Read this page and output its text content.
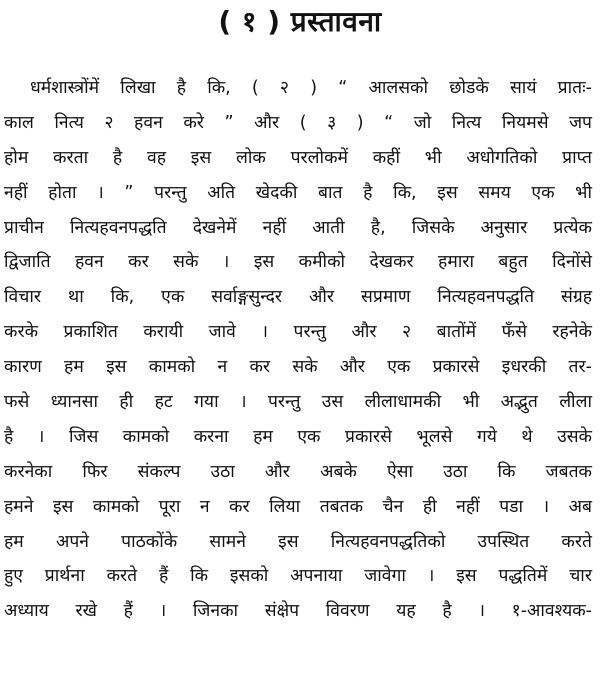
( १ ) प्रस्तावना
धर्मशास्त्रोंमें लिखा है कि, ( २ ) “ आलसको छोडके सायं प्रातः-
काल नित्य २ हवन करे ” और ( ३ ) “ जो नित्य नियमसे जप
होम करता है वह इस लोक परलोकमें कहीं भी अधोगतिको प्राप्त
नहीं होता । ” परन्तु अति खेदकी बात है कि, इस समय एक भी
प्राचीन नित्यहवनपद्धति देखनेमें नहीं आती है, जिसके अनुसार प्रत्येक
द्विजाति हवन कर सके । इस कमीको देखकर हमारा बहुत दिनोंसे
विचार था कि, एक सर्वाङ्गसुन्दर और सप्रमाण नित्यहवनपद्धति संग्रह
करके प्रकाशित करायी जावे । परन्तु और २ बातोंमें फँसे रहनेके
कारण हम इस कामको न कर सके और एक प्रकारसे इधरकी तर-
फसे ध्यानसा ही हट गया । परन्तु उस लीलाधामकी भी अद्भुत लीला
है । जिस कामको करना हम एक प्रकारसे भूलसे गये थे उसके
करनेका फिर संकल्प उठा और अबके ऐसा उठा कि जबतक
हमने इस कामको पूरा न कर लिया तबतक चैन ही नहीं पडा । अब
हम अपने पाठकोंके सामने इस नित्यहवनपद्धतिको उपस्थित करते
हुए प्रार्थना करते हैं कि इसको अपनाया जावेगा । इस पद्धतिमें चार
अध्याय रखे हैं । जिनका संक्षेप विवरण यह है । १-आवश्यक-
